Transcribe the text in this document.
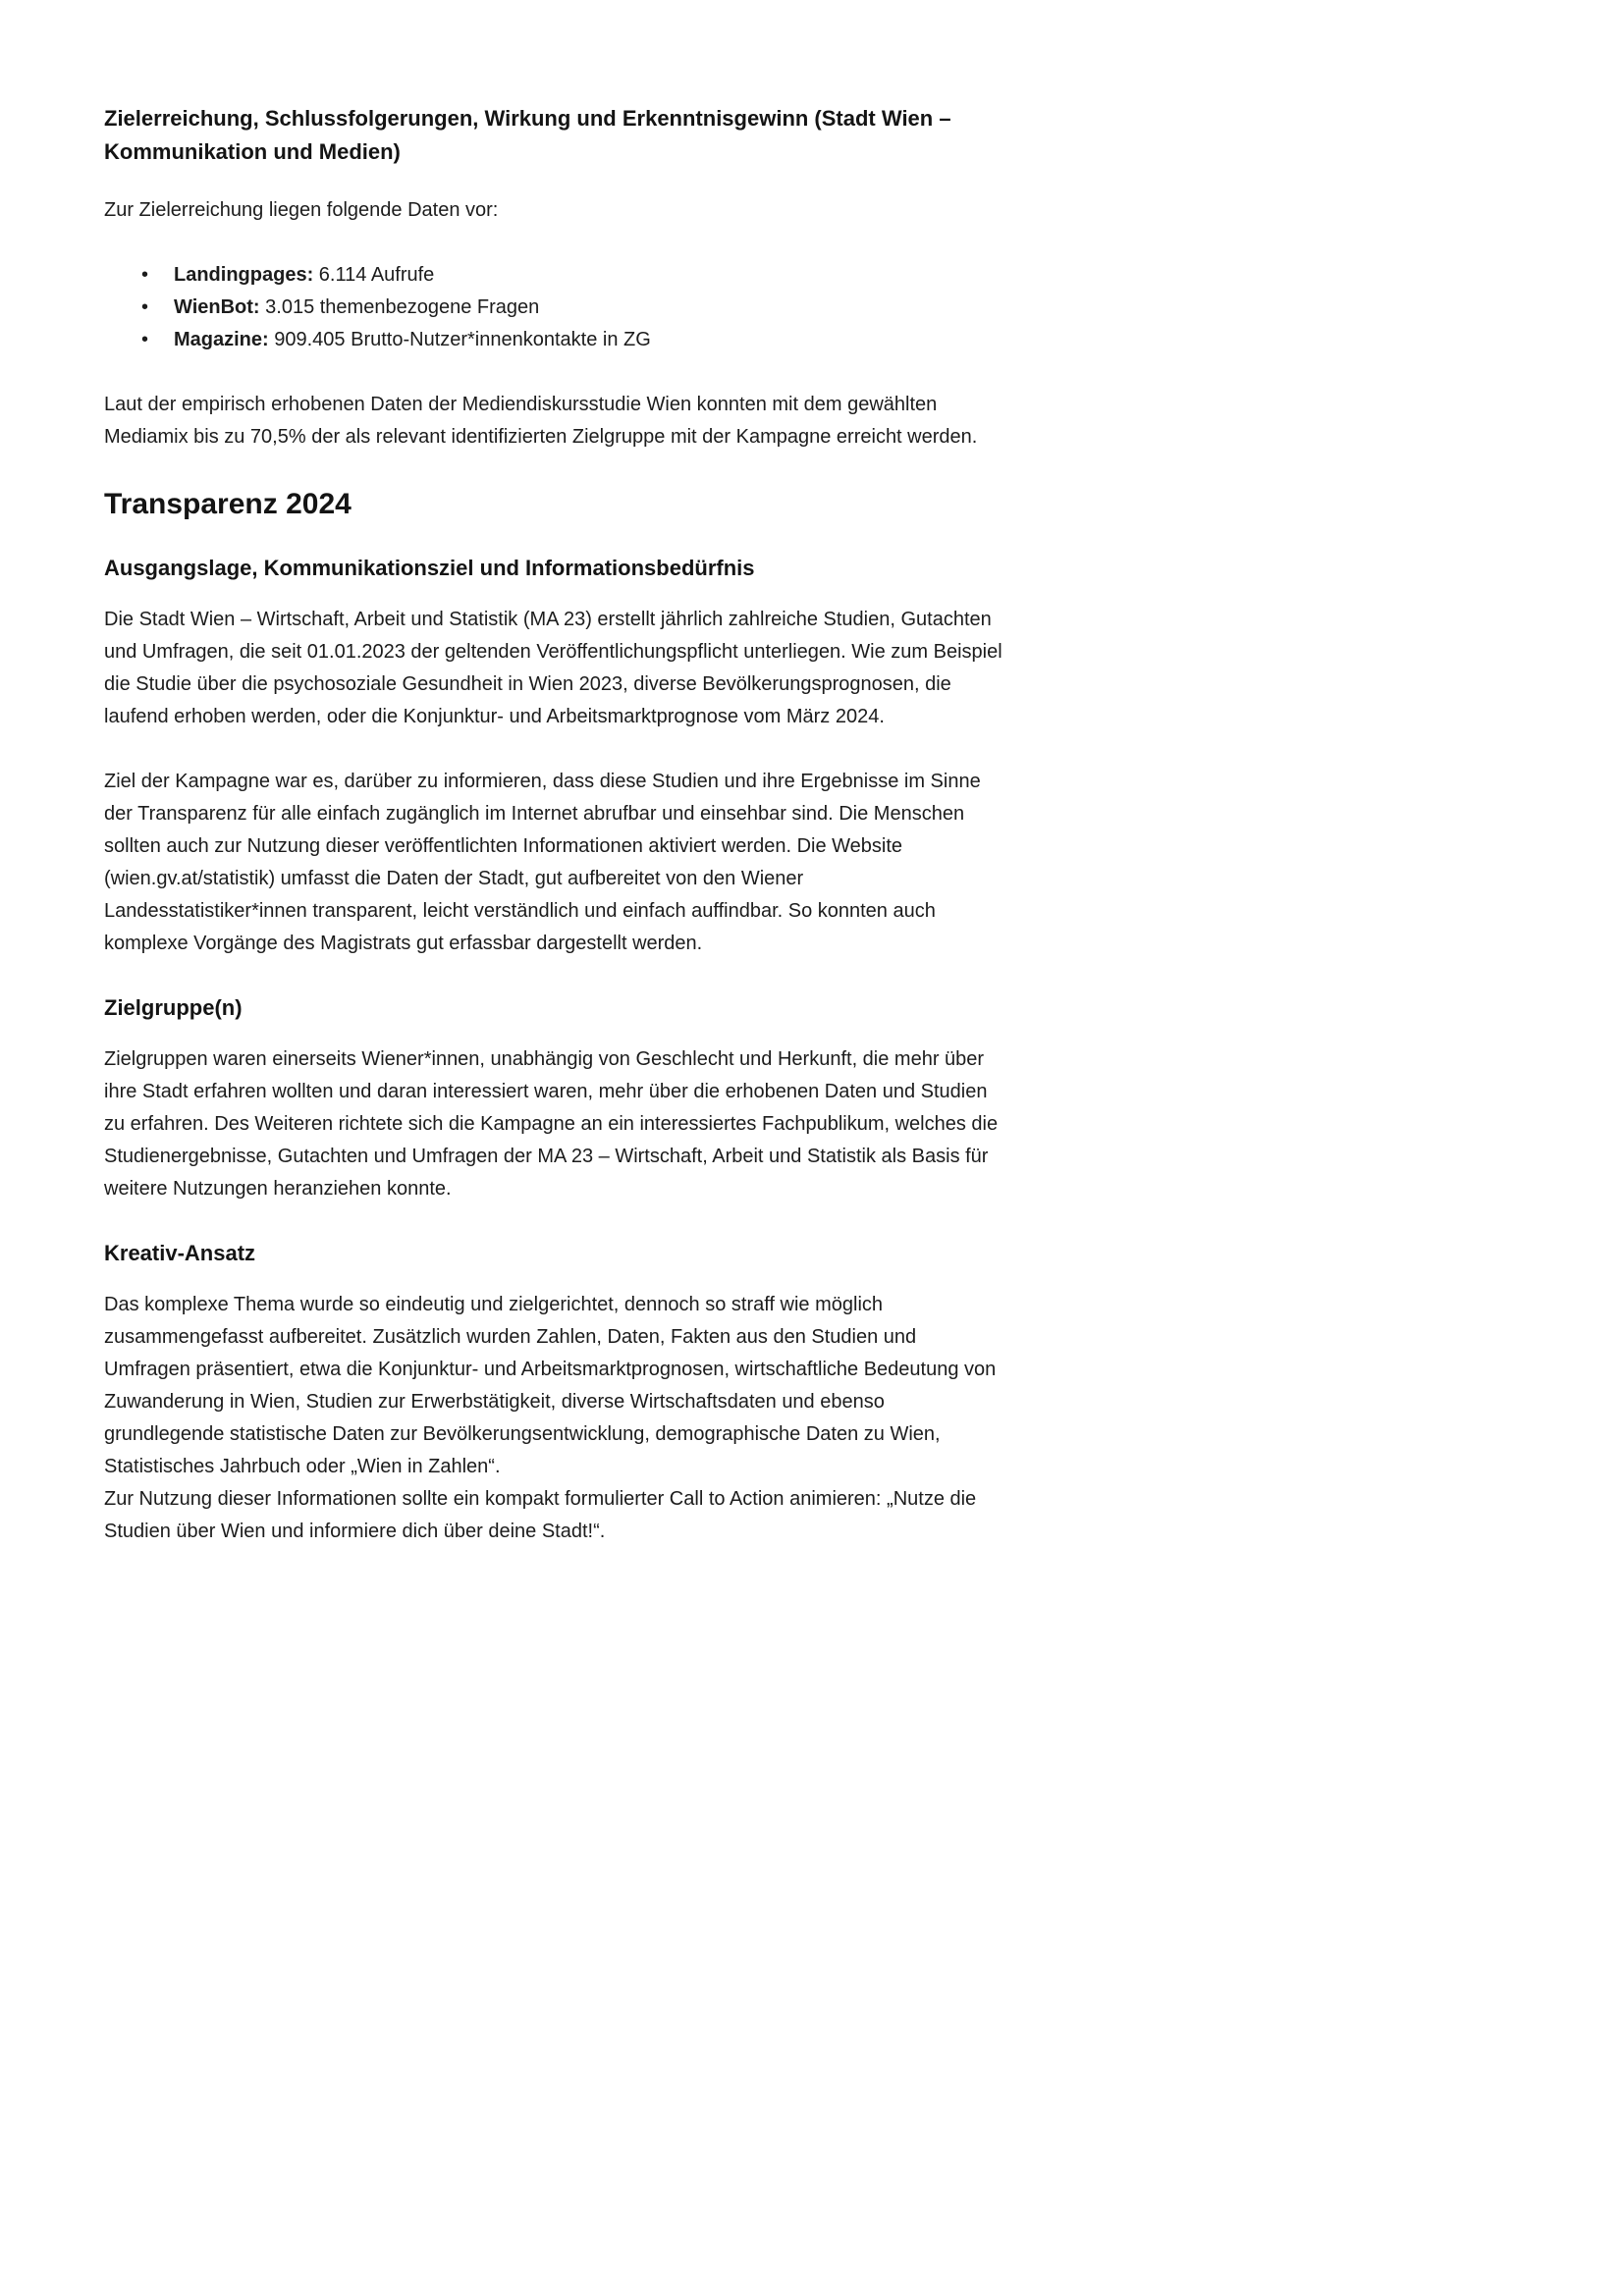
Zielerreichung, Schlussfolgerungen, Wirkung und Erkenntnisgewinn (Stadt Wien – Kommunikation und Medien)

Zur Zielerreichung liegen folgende Daten vor:

• Landingpages: 6.114 Aufrufe
• WienBot: 3.015 themenbezogene Fragen
• Magazine: 909.405 Brutto-Nutzer*innenkontakte in ZG

Laut der empirisch erhobenen Daten der Mediendiskursstudie Wien konnten mit dem gewählten Mediamix bis zu 70,5% der als relevant identifizierten Zielgruppe mit der Kampagne erreicht werden.

Transparenz 2024
Ausgangslage, Kommunikationsziel und Informationsbedürfnis

Die Stadt Wien – Wirtschaft, Arbeit und Statistik (MA 23) erstellt jährlich zahlreiche Studien, Gutachten und Umfragen, die seit 01.01.2023 der geltenden Veröffentlichungspflicht unterliegen. Wie zum Beispiel die Studie über die psychosoziale Gesundheit in Wien 2023, diverse Bevölkerungsprognosen, die laufend erhoben werden, oder die Konjunktur- und Arbeitsmarktprognose vom März 2024.

Ziel der Kampagne war es, darüber zu informieren, dass diese Studien und ihre Ergebnisse im Sinne der Transparenz für alle einfach zugänglich im Internet abrufbar und einsehbar sind. Die Menschen sollten auch zur Nutzung dieser veröffentlichten Informationen aktiviert werden. Die Website (wien.gv.at/statistik) umfasst die Daten der Stadt, gut aufbereitet von den Wiener Landesstatistiker*innen transparent, leicht verständlich und einfach auffindbar. So konnten auch komplexe Vorgänge des Magistrats gut erfassbar dargestellt werden.

Zielgruppe(n)

Zielgruppen waren einerseits Wiener*innen, unabhängig von Geschlecht und Herkunft, die mehr über ihre Stadt erfahren wollten und daran interessiert waren, mehr über die erhobenen Daten und Studien zu erfahren. Des Weiteren richtete sich die Kampagne an ein interessiertes Fachpublikum, welches die Studienergebnisse, Gutachten und Umfragen der MA 23 – Wirtschaft, Arbeit und Statistik als Basis für weitere Nutzungen heranziehen konnte.

Kreativ-Ansatz

Das komplexe Thema wurde so eindeutig und zielgerichtet, dennoch so straff wie möglich zusammengefasst aufbereitet. Zusätzlich wurden Zahlen, Daten, Fakten aus den Studien und Umfragen präsentiert, etwa die Konjunktur- und Arbeitsmarktprognosen, wirtschaftliche Bedeutung von Zuwanderung in Wien, Studien zur Erwerbstätigkeit, diverse Wirtschaftsdaten und ebenso grundlegende statistische Daten zur Bevölkerungsentwicklung, demographische Daten zu Wien, Statistisches Jahrbuch oder „Wien in Zahlen“.

Zur Nutzung dieser Informationen sollte ein kompakt formulierter Call to Action animieren: „Nutze die Studien über Wien und informiere dich über deine Stadt!“.
